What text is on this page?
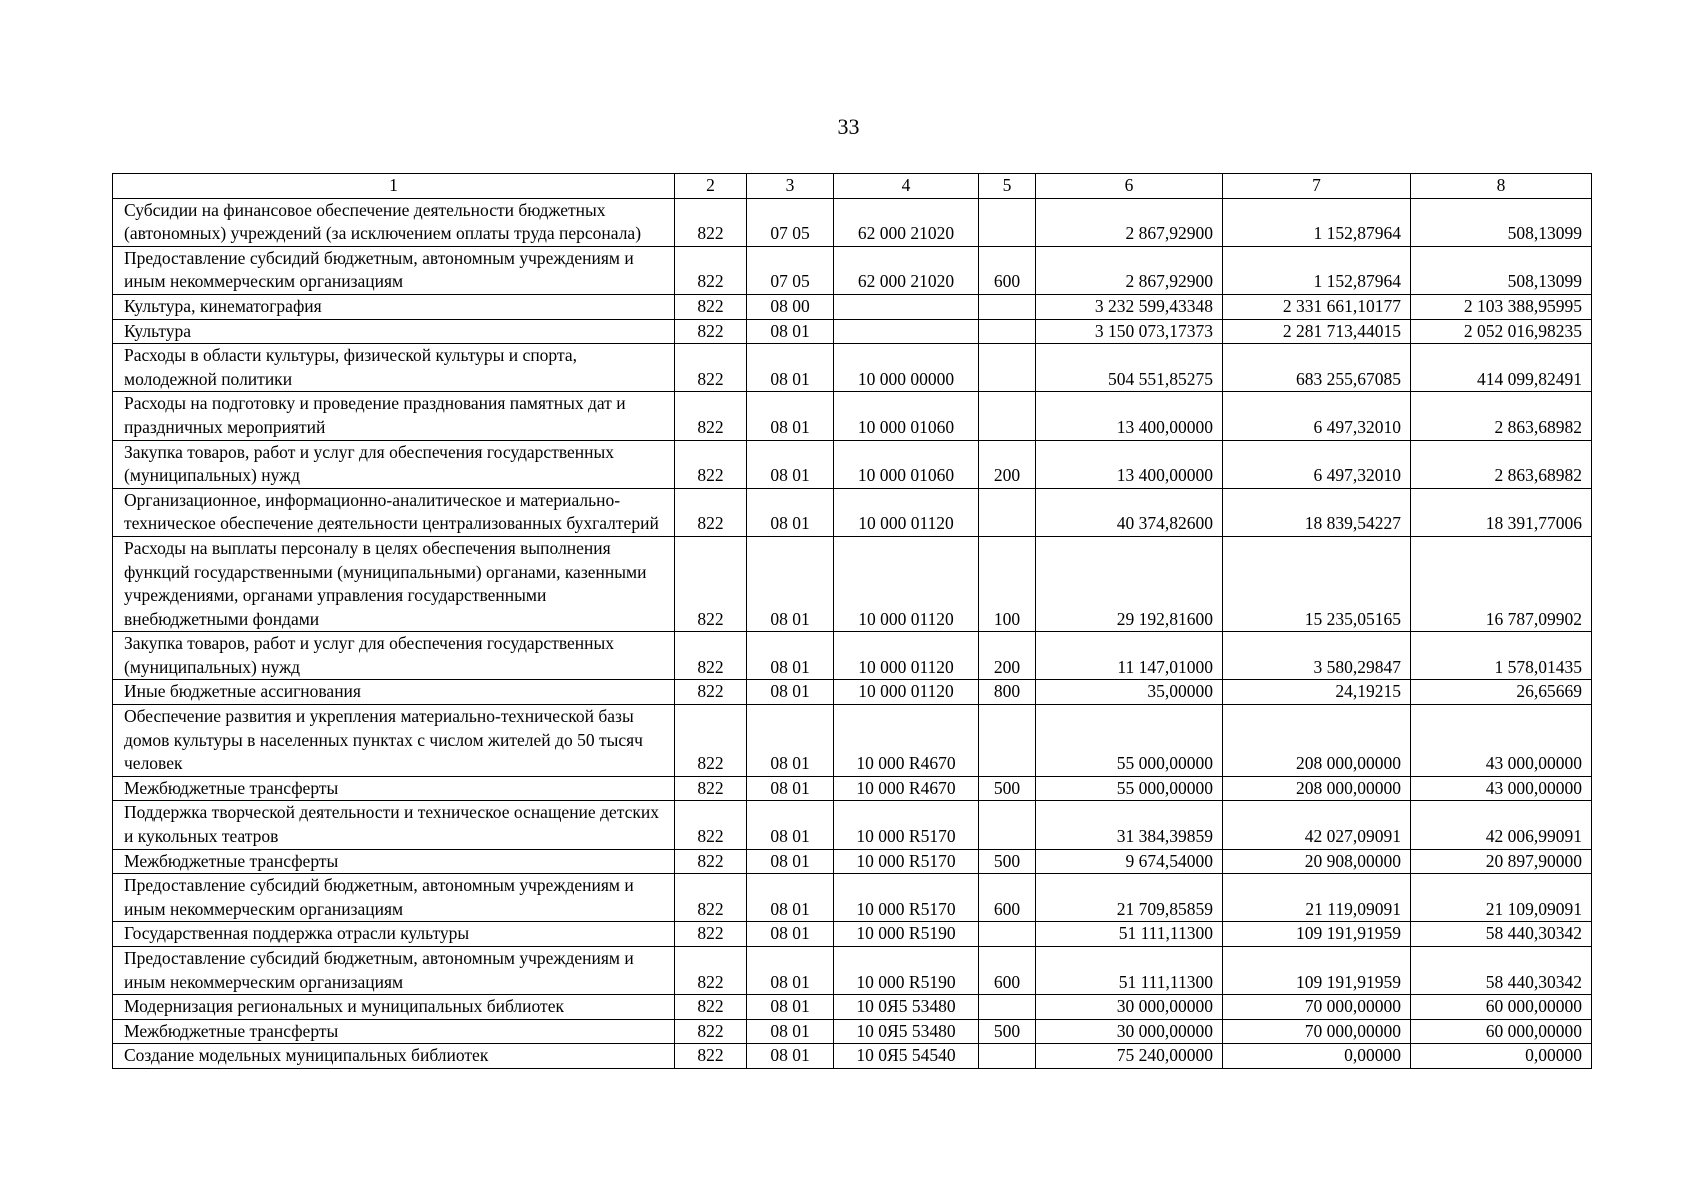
33
1	2	3	4	5	6	7	8
Субсидии на финансовое обеспечение деятельности бюджетных (автономных) учреждений (за исключением оплаты труда персонала)	822	07 05	62 000 21020		2 867,92900	1 152,87964	508,13099
Предоставление субсидий бюджетным, автономным учреждениям и иным некоммерческим организациям	822	07 05	62 000 21020	600	2 867,92900	1 152,87964	508,13099
Культура, кинематография	822	08 00			3 232 599,43348	2 331 661,10177	2 103 388,95995
Культура	822	08 01			3 150 073,17373	2 281 713,44015	2 052 016,98235
Расходы в области культуры, физической культуры и спорта, молодежной политики	822	08 01	10 000 00000		504 551,85275	683 255,67085	414 099,82491
Расходы на подготовку и проведение празднования памятных дат и праздничных мероприятий	822	08 01	10 000 01060		13 400,00000	6 497,32010	2 863,68982
Закупка товаров, работ и услуг для обеспечения государственных (муниципальных) нужд	822	08 01	10 000 01060	200	13 400,00000	6 497,32010	2 863,68982
Организационное, информационно-аналитическое и материально-техническое обеспечение деятельности централизованных бухгалтерий	822	08 01	10 000 01120		40 374,82600	18 839,54227	18 391,77006
Расходы на выплаты персоналу в целях обеспечения выполнения функций государственными (муниципальными) органами, казенными учреждениями, органами управления государственными внебюджетными фондами	822	08 01	10 000 01120	100	29 192,81600	15 235,05165	16 787,09902
Закупка товаров, работ и услуг для обеспечения государственных (муниципальных) нужд	822	08 01	10 000 01120	200	11 147,01000	3 580,29847	1 578,01435
Иные бюджетные ассигнования	822	08 01	10 000 01120	800	35,00000	24,19215	26,65669
Обеспечение развития и укрепления материально-технической базы домов культуры в населенных пунктах с числом жителей до 50 тысяч человек	822	08 01	10 000 R4670		55 000,00000	208 000,00000	43 000,00000
Межбюджетные трансферты	822	08 01	10 000 R4670	500	55 000,00000	208 000,00000	43 000,00000
Поддержка творческой деятельности и техническое оснащение детских и кукольных театров	822	08 01	10 000 R5170		31 384,39859	42 027,09091	42 006,99091
Межбюджетные трансферты	822	08 01	10 000 R5170	500	9 674,54000	20 908,00000	20 897,90000
Предоставление субсидий бюджетным, автономным учреждениям и иным некоммерческим организациям	822	08 01	10 000 R5170	600	21 709,85859	21 119,09091	21 109,09091
Государственная поддержка отрасли культуры	822	08 01	10 000 R5190		51 111,11300	109 191,91959	58 440,30342
Предоставление субсидий бюджетным, автономным учреждениям и иным некоммерческим организациям	822	08 01	10 000 R5190	600	51 111,11300	109 191,91959	58 440,30342
Модернизация региональных и муниципальных библиотек	822	08 01	10 0Я5 53480		30 000,00000	70 000,00000	60 000,00000
Межбюджетные трансферты	822	08 01	10 0Я5 53480	500	30 000,00000	70 000,00000	60 000,00000
Создание модельных муниципальных библиотек	822	08 01	10 0Я5 54540		75 240,00000	0,00000	0,00000
